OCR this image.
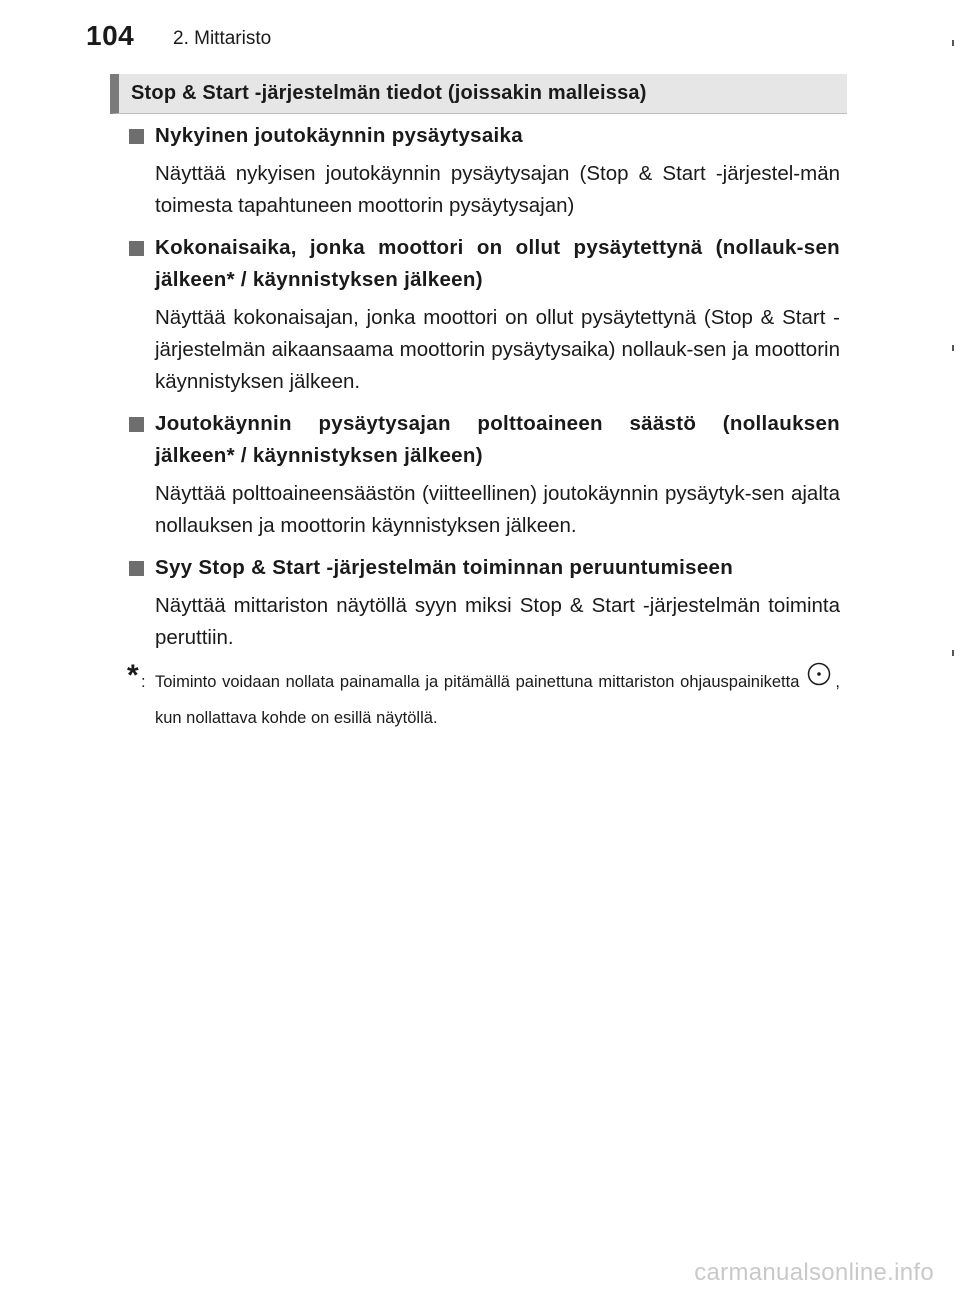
104 2. Mittaristo
Stop & Start -järjestelmän tiedot (joissakin malleissa)
Nykyinen joutokäynnin pysäytysaika
Näyttää nykyisen joutokäynnin pysäytysajan (Stop & Start -järjestel-män toimesta tapahtuneen moottorin pysäytysajan)
Kokonaisaika, jonka moottori on ollut pysäytettynä (nollauk-sen jälkeen* / käynnistyksen jälkeen)
Näyttää kokonaisajan, jonka moottori on ollut pysäytettynä (Stop & Start -järjestelmän aikaansaama moottorin pysäytysaika) nollauk-sen ja moottorin käynnistyksen jälkeen.
Joutokäynnin pysäytysajan polttoaineen säästö (nollauksen jälkeen* / käynnistyksen jälkeen)
Näyttää polttoaineensäästön (viitteellinen) joutokäynnin pysäytyk-sen ajalta nollauksen ja moottorin käynnistyksen jälkeen.
Syy Stop & Start -järjestelmän toiminnan peruuntumiseen
Näyttää mittariston näytöllä syyn miksi Stop & Start -järjestelmän toiminta peruttiin.
* : Toiminto voidaan nollata painamalla ja pitämällä painettuna mittariston ohjauspainiketta , kun nollattava kohde on esillä näytöllä.
carmanualsonline.info
